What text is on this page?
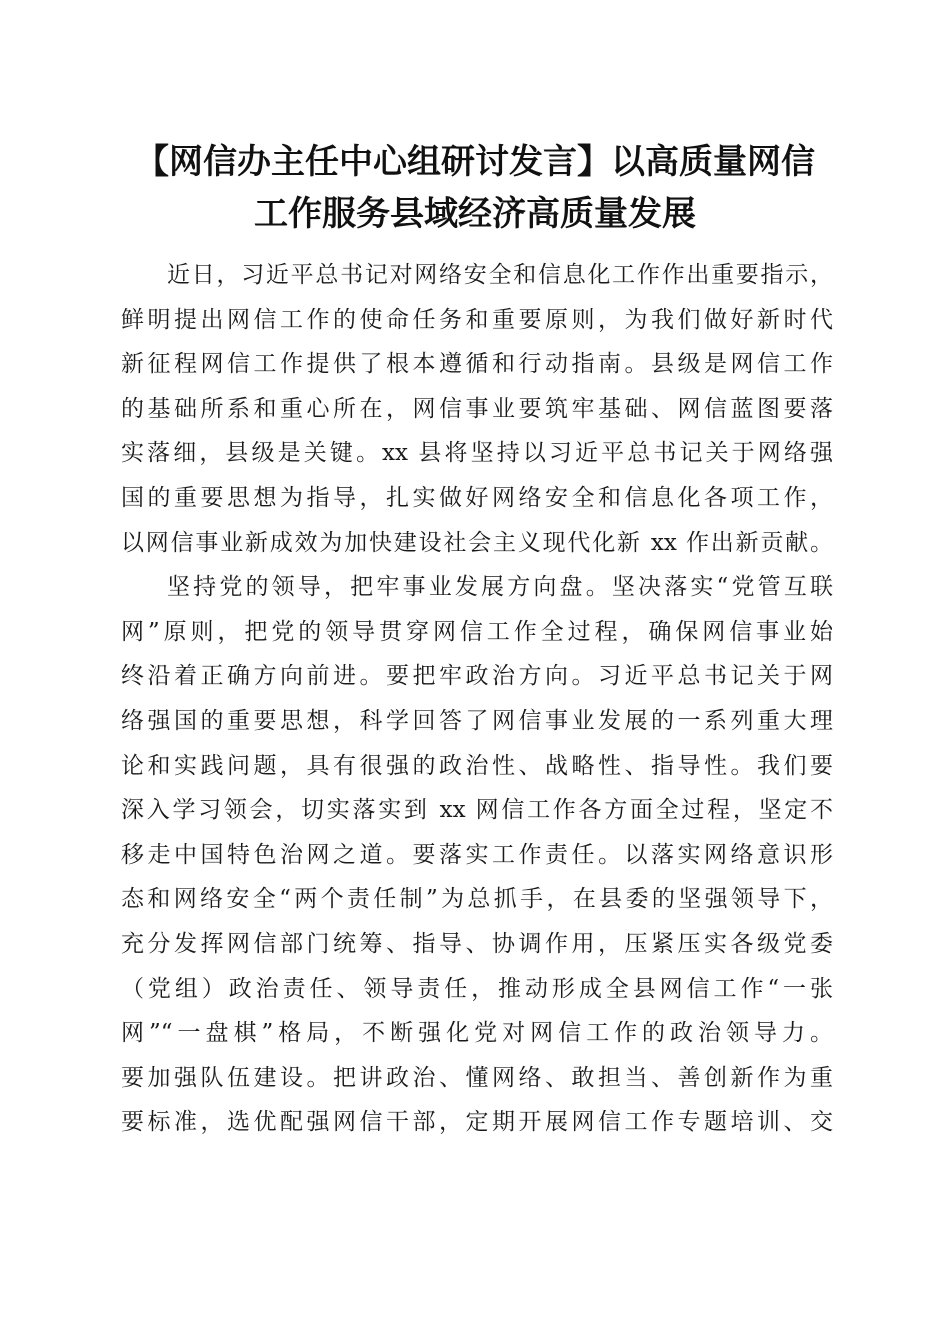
【网信办主任中心组研讨发言】以高质量网信
工作服务县域经济高质量发展
近日，习近平总书记对网络安全和信息化工作作出重要指示，
鲜明提出网信工作的使命任务和重要原则，为我们做好新时代
新征程网信工作提供了根本遵循和行动指南。县级是网信工作
的基础所系和重心所在，网信事业要筑牢基础、网信蓝图要落
实落细，县级是关键。xx 县将坚持以习近平总书记关于网络强
国的重要思想为指导，扎实做好网络安全和信息化各项工作，
以网信事业新成效为加快建设社会主义现代化新 xx 作出新贡献。
坚持党的领导，把牢事业发展方向盘。坚决落实“党管互联
网”原则，把党的领导贯穿网信工作全过程，确保网信事业始
终沿着正确方向前进。要把牢政治方向。习近平总书记关于网
络强国的重要思想，科学回答了网信事业发展的一系列重大理
论和实践问题，具有很强的政治性、战略性、指导性。我们要
深入学习领会，切实落实到 xx 网信工作各方面全过程，坚定不
移走中国特色治网之道。要落实工作责任。以落实网络意识形
态和网络安全“两个责任制”为总抓手，在县委的坚强领导下，
充分发挥网信部门统筹、指导、协调作用，压紧压实各级党委
（党组）政治责任、领导责任，推动形成全县网信工作“一张
网”“一盘棋”格局，不断强化党对网信工作的政治领导力。
要加强队伍建设。把讲政治、懂网络、敢担当、善创新作为重
要标准，选优配强网信干部，定期开展网信工作专题培训、交
